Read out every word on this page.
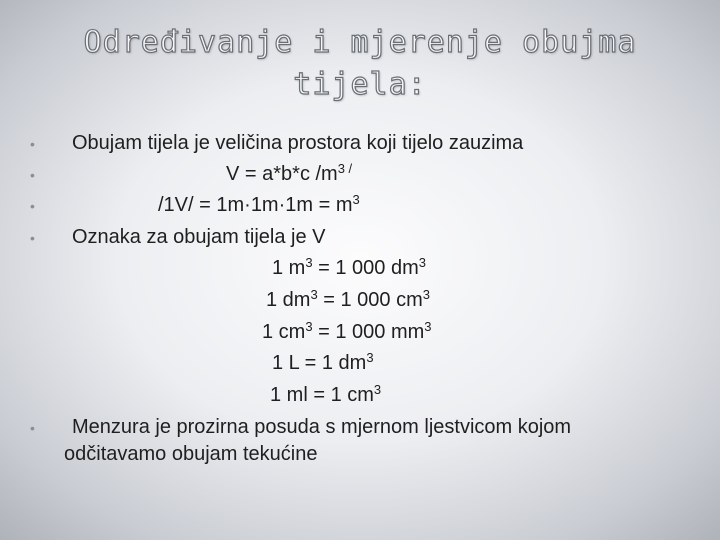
Određivanje i mjerenje obujma
tijela:
•
•
•
•
•
Obujam tijela je veličina prostora koji tijelo zauzima
V = a*b*c $/m^{3 /}$
$/1V/ = 1m\cdot 1m\cdot 1m = m^3$
Oznaka za obujam tijela je V
1 $m^3 = 1$ 000 $dm^3$
1 $dm^3 = 1$ 000 $cm^3$
1 $cm^3 = 1$ 000 $mm^3$
1 L = 1 $dm^3$
1 ml = 1 $cm^3$
Menzura je prozirna posuda s mjernom ljestvicom kojom
odčitavamo obujam tekućine
